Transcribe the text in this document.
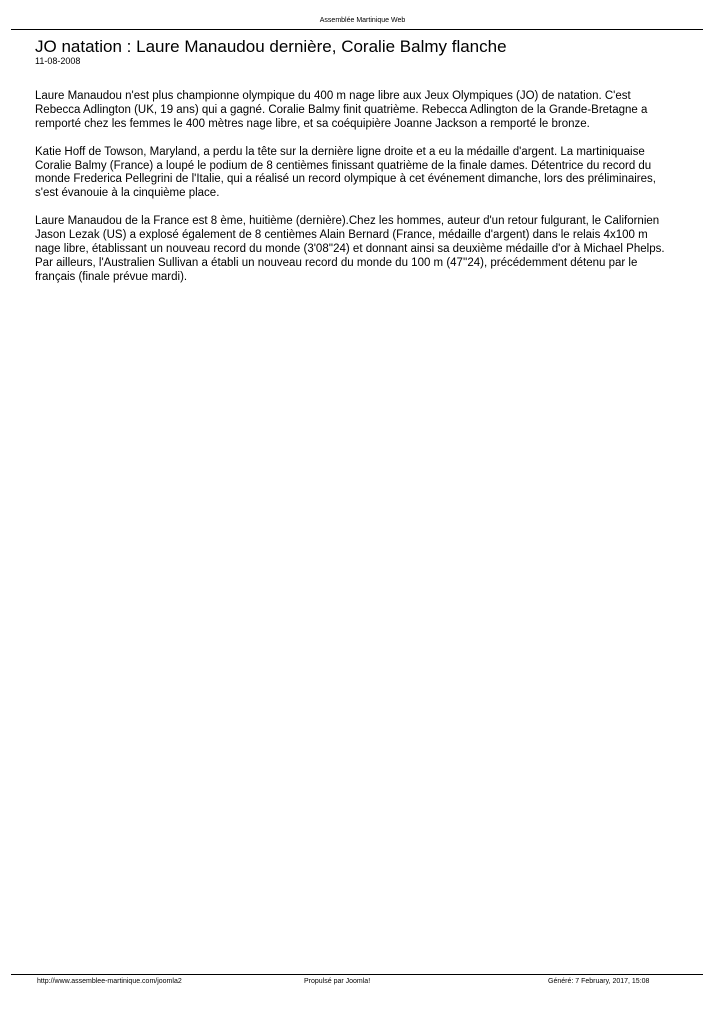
Assemblée Martinique Web
JO natation : Laure Manaudou dernière, Coralie Balmy flanche
11-08-2008

Laure Manaudou n'est plus championne olympique du 400 m nage libre aux Jeux Olympiques (JO) de natation. C'est Rebecca Adlington (UK, 19 ans) qui a gagné. Coralie Balmy finit quatrième. Rebecca Adlington de la Grande-Bretagne a remporté chez les femmes le 400 mètres nage libre, et sa coéquipière Joanne Jackson a remporté le bronze.

Katie Hoff de Towson, Maryland, a perdu la tête sur la dernière ligne droite et a eu la médaille d'argent. La martiniquaise Coralie Balmy (France) a loupé le podium de 8 centièmes finissant quatrième de la finale dames. Détentrice du record du monde Frederica Pellegrini de l'Italie, qui a réalisé un record olympique à cet événement dimanche, lors des préliminaires, s'est évanouie à la cinquième place.

Laure Manaudou de la France est 8 ème, huitième (dernière).Chez les hommes, auteur d'un retour fulgurant, le Californien Jason Lezak (US) a explosé également de 8 centièmes Alain Bernard (France, médaille d'argent) dans le relais 4x100 m nage libre, établissant un nouveau record du monde (3'08''24) et donnant ainsi sa deuxième médaille d'or à Michael Phelps. Par ailleurs, l'Australien Sullivan a établi un nouveau record du monde du 100 m (47''24), précédemment détenu par le français (finale prévue mardi).

http://www.assemblee-martinique.com/joomla2	Propulsé par Joomla!	Généré: 7 February, 2017, 15:08
